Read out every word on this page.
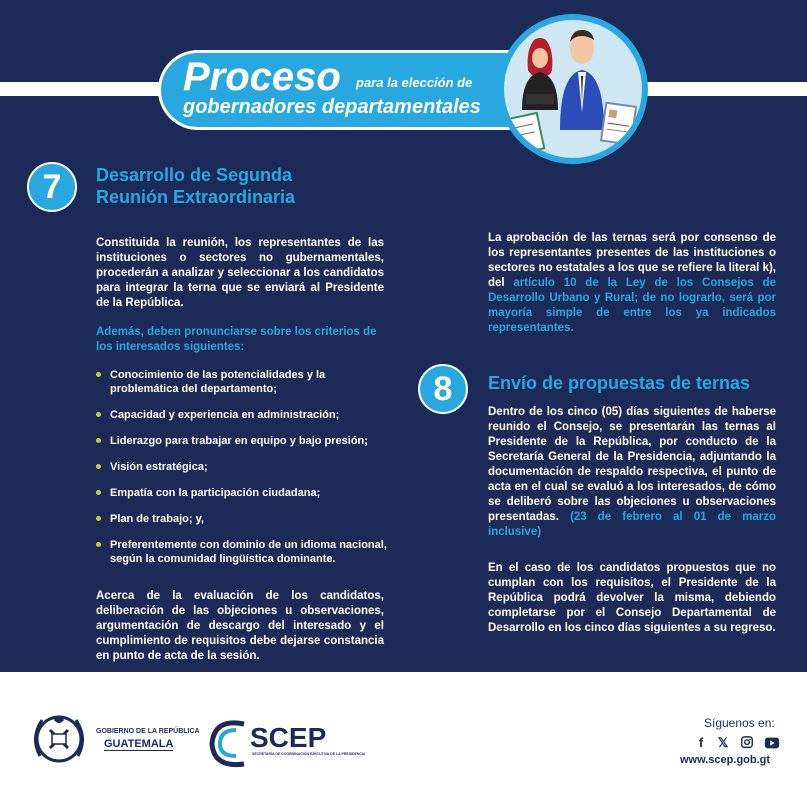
Proceso para la elección de
gobernadores departamentales
7	Desarrollo de Segunda
Reunión Extraordinaria
Constituida la reunión, los representantes de las instituciones o sectores no gubernamentales, procederán a analizar y seleccionar a los candidatos para integrar la terna que se enviará al Presidente de la República.
Además, deben pronunciarse sobre los criterios de los interesados siguientes:
Conocimiento de las potencialidades y la problemática del departamento;
Capacidad y experiencia en administración;
Liderazgo para trabajar en equipo y bajo presión;
Visión estratégica;
Empatía con la participación ciudadana;
Plan de trabajo; y,
Preferentemente con dominio de un idioma nacional, según la comunidad lingüística dominante.
Acerca de la evaluación de los candidatos, deliberación de las objeciones u observaciones, argumentación de descargo del interesado y el cumplimiento de requisitos debe dejarse constancia en punto de acta de la sesión.
La aprobación de las ternas será por consenso de los representantes presentes de las instituciones o sectores no estatales a los que se refiere la literal k), del artículo 10 de la Ley de los Consejos de Desarrollo Urbano y Rural; de no lograrlo, será por mayoría simple de entre los ya indicados representantes.
8	Envío de propuestas de ternas
Dentro de los cinco (05) días siguientes de haberse reunido el Consejo, se presentarán las ternas al Presidente de la República, por conducto de la Secretaría General de la Presidencia, adjuntando la documentación de respaldo respectiva, el punto de acta en el cual se evaluó a los interesados, de cómo se deliberó sobre las objeciones u observaciones presentadas. (23 de febrero al 01 de marzo inclusive)
En el caso de los candidatos propuestos que no cumplan con los requisitos, el Presidente de la República podrá devolver la misma, debiendo completarse por el Consejo Departamental de Desarrollo en los cinco días siguientes a su regreso.
GOBIERNO DE LA REPÚBLICA
GUATEMALA	SCEP
SECRETARÍA DE COORDINACIÓN EJECUTIVA DE LA PRESIDENCIA
Síguenos en:
f	𝕏
www.scep.gob.gt
